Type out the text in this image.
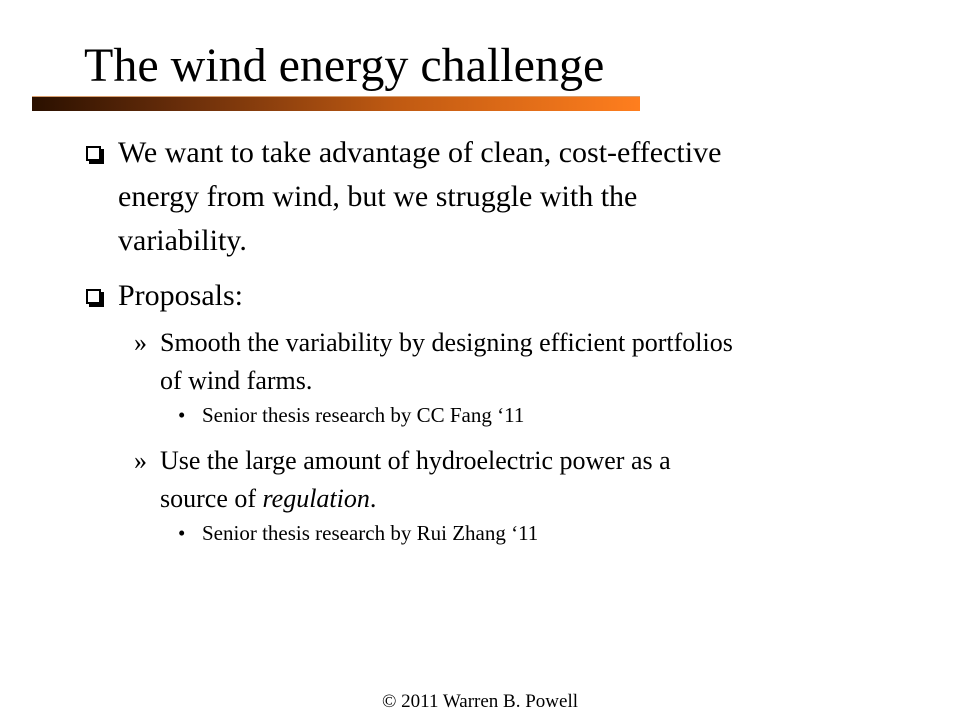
The wind energy challenge
We want to take advantage of clean, cost-effective
energy from wind, but we struggle with the
variability.
Proposals:
» Smooth the variability by designing efficient portfolios
of wind farms.
• Senior thesis research by CC Fang ‘11
» Use the large amount of hydroelectric power as a
source of regulation.
• Senior thesis research by Rui Zhang ‘11
© 2011 Warren B. Powell
